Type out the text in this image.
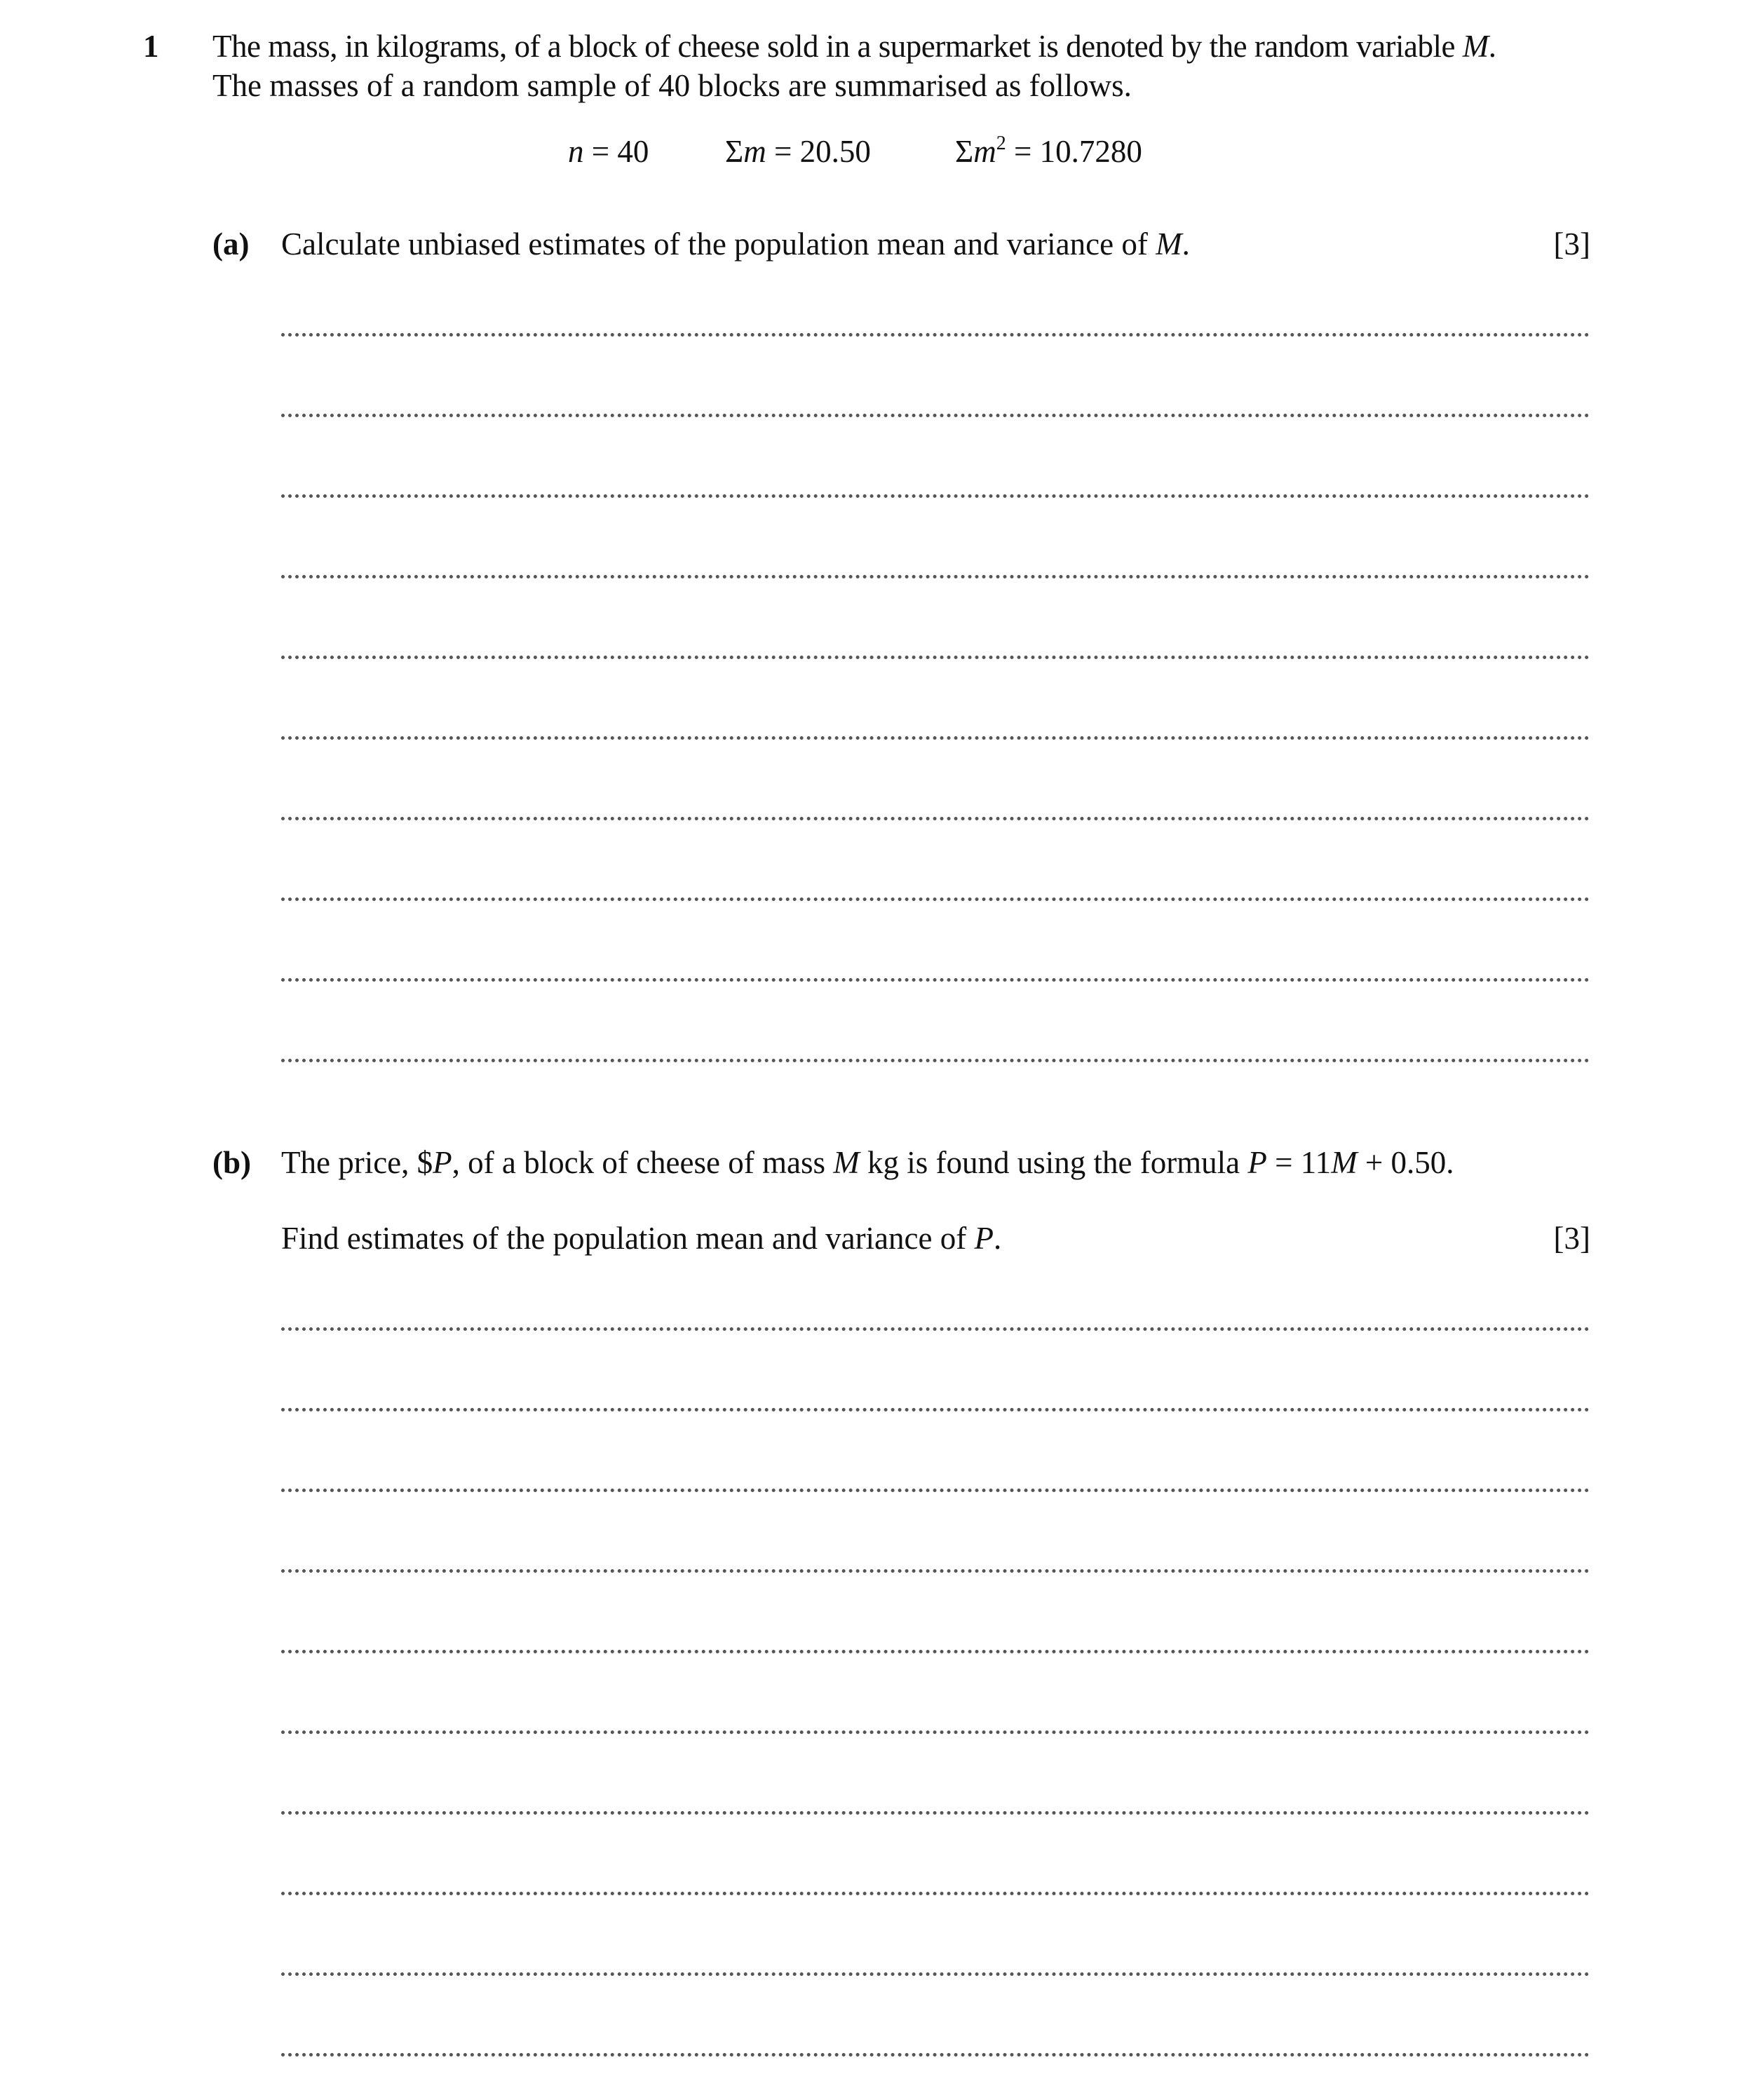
1 The mass, in kilograms, of a block of cheese sold in a supermarket is denoted by the random variable M.

The masses of a random sample of 40 blocks are summarised as follows.

n = 40 Σm = 20.50	$\Sigma m^2 = 10.7280$
(a) Calculate unbiased estimates of the population mean and variance of M.	[3]
(b) The price, $P, of a block of cheese of mass M kg is found using the formula P = 11M + 0.50.
Find estimates of the population mean and variance of P.	[3]
